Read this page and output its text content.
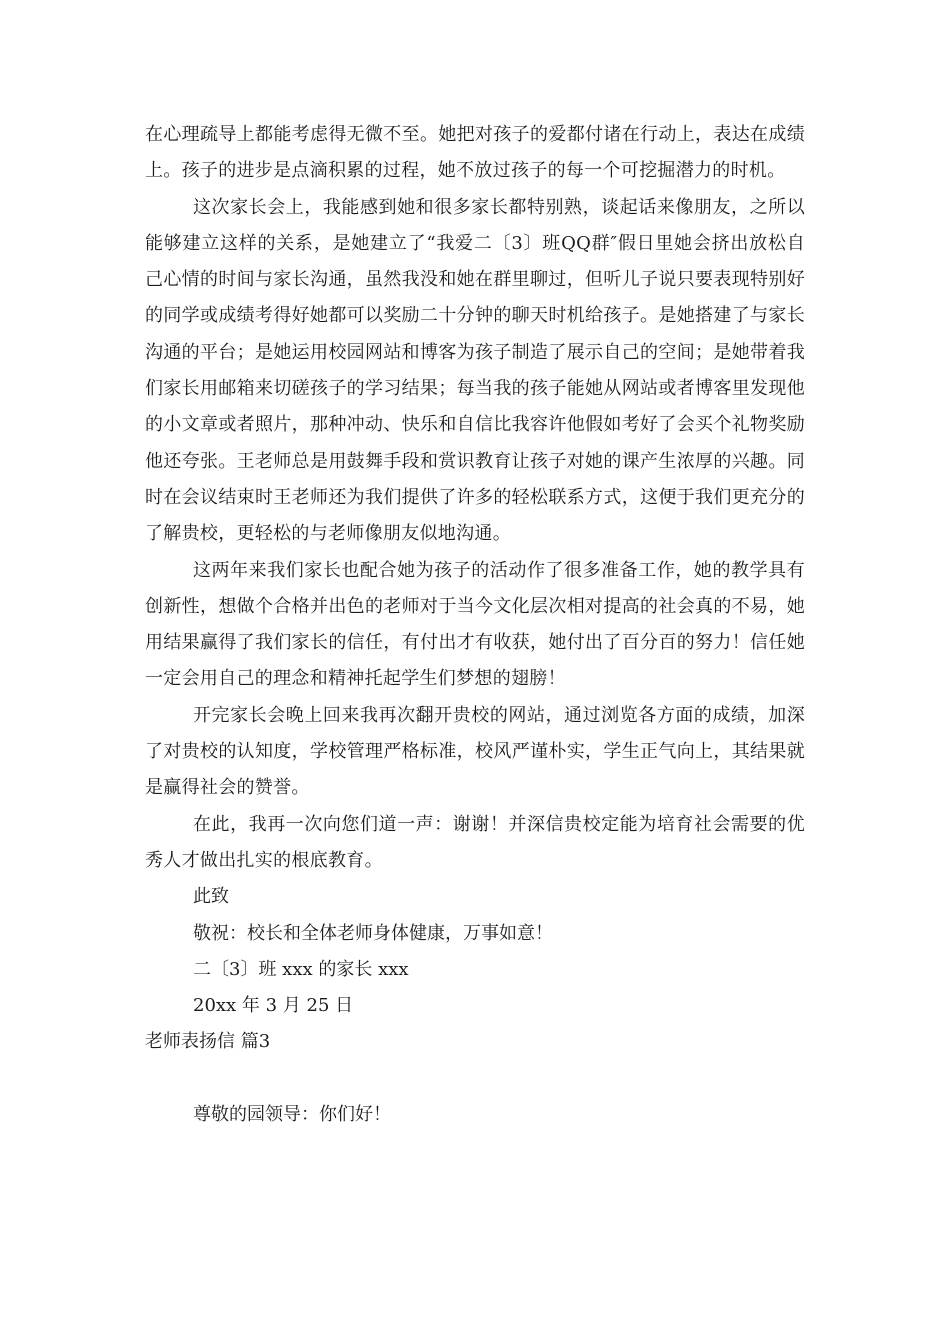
在心理疏导上都能考虑得无微不至。她把对孩子的爱都付诸在行动上，表达在成绩上。孩子的进步是点滴积累的过程，她不放过孩子的每一个可挖掘潜力的时机。

这次家长会上，我能感到她和很多家长都特别熟，谈起话来像朋友，之所以能够建立这样的关系，是她建立了“我爱二〔3〕班QQ群″假日里她会挤出放松自己心情的时间与家长沟通，虽然我没和她在群里聊过，但听儿子说只要表现特别好的同学或成绩考得好她都可以奖励二十分钟的聊天时机给孩子。是她搭建了与家长沟通的平台；是她运用校园网站和博客为孩子制造了展示自己的空间；是她带着我们家长用邮箱来切磋孩子的学习结果；每当我的孩子能她从网站或者博客里发现他的小文章或者照片，那种冲动、快乐和自信比我容许他假如考好了会买个礼物奖励他还夸张。王老师总是用鼓舞手段和赏识教育让孩子对她的课产生浓厚的兴趣。同时在会议结束时王老师还为我们提供了许多的轻松联系方式，这便于我们更充分的了解贵校，更轻松的与老师像朋友似地沟通。

这两年来我们家长也配合她为孩子的活动作了很多准备工作，她的教学具有创新性，想做个合格并出色的老师对于当今文化层次相对提高的社会真的不易，她用结果赢得了我们家长的信任，有付出才有收获，她付出了百分百的努力！信任她一定会用自己的理念和精神托起学生们梦想的翅膀！

开完家长会晚上回来我再次翻开贵校的网站，通过浏览各方面的成绩，加深了对贵校的认知度，学校管理严格标准，校风严谨朴实，学生正气向上，其结果就是赢得社会的赞誉。

在此，我再一次向您们道一声：谢谢！并深信贵校定能为培育社会需要的优秀人才做出扎实的根底教育。

此致

敬祝：校长和全体老师身体健康，万事如意！

二〔3〕班 xxx 的家长 xxx

20xx 年 3 月 25 日

老师表扬信 篇3

尊敬的园领导：你们好！
